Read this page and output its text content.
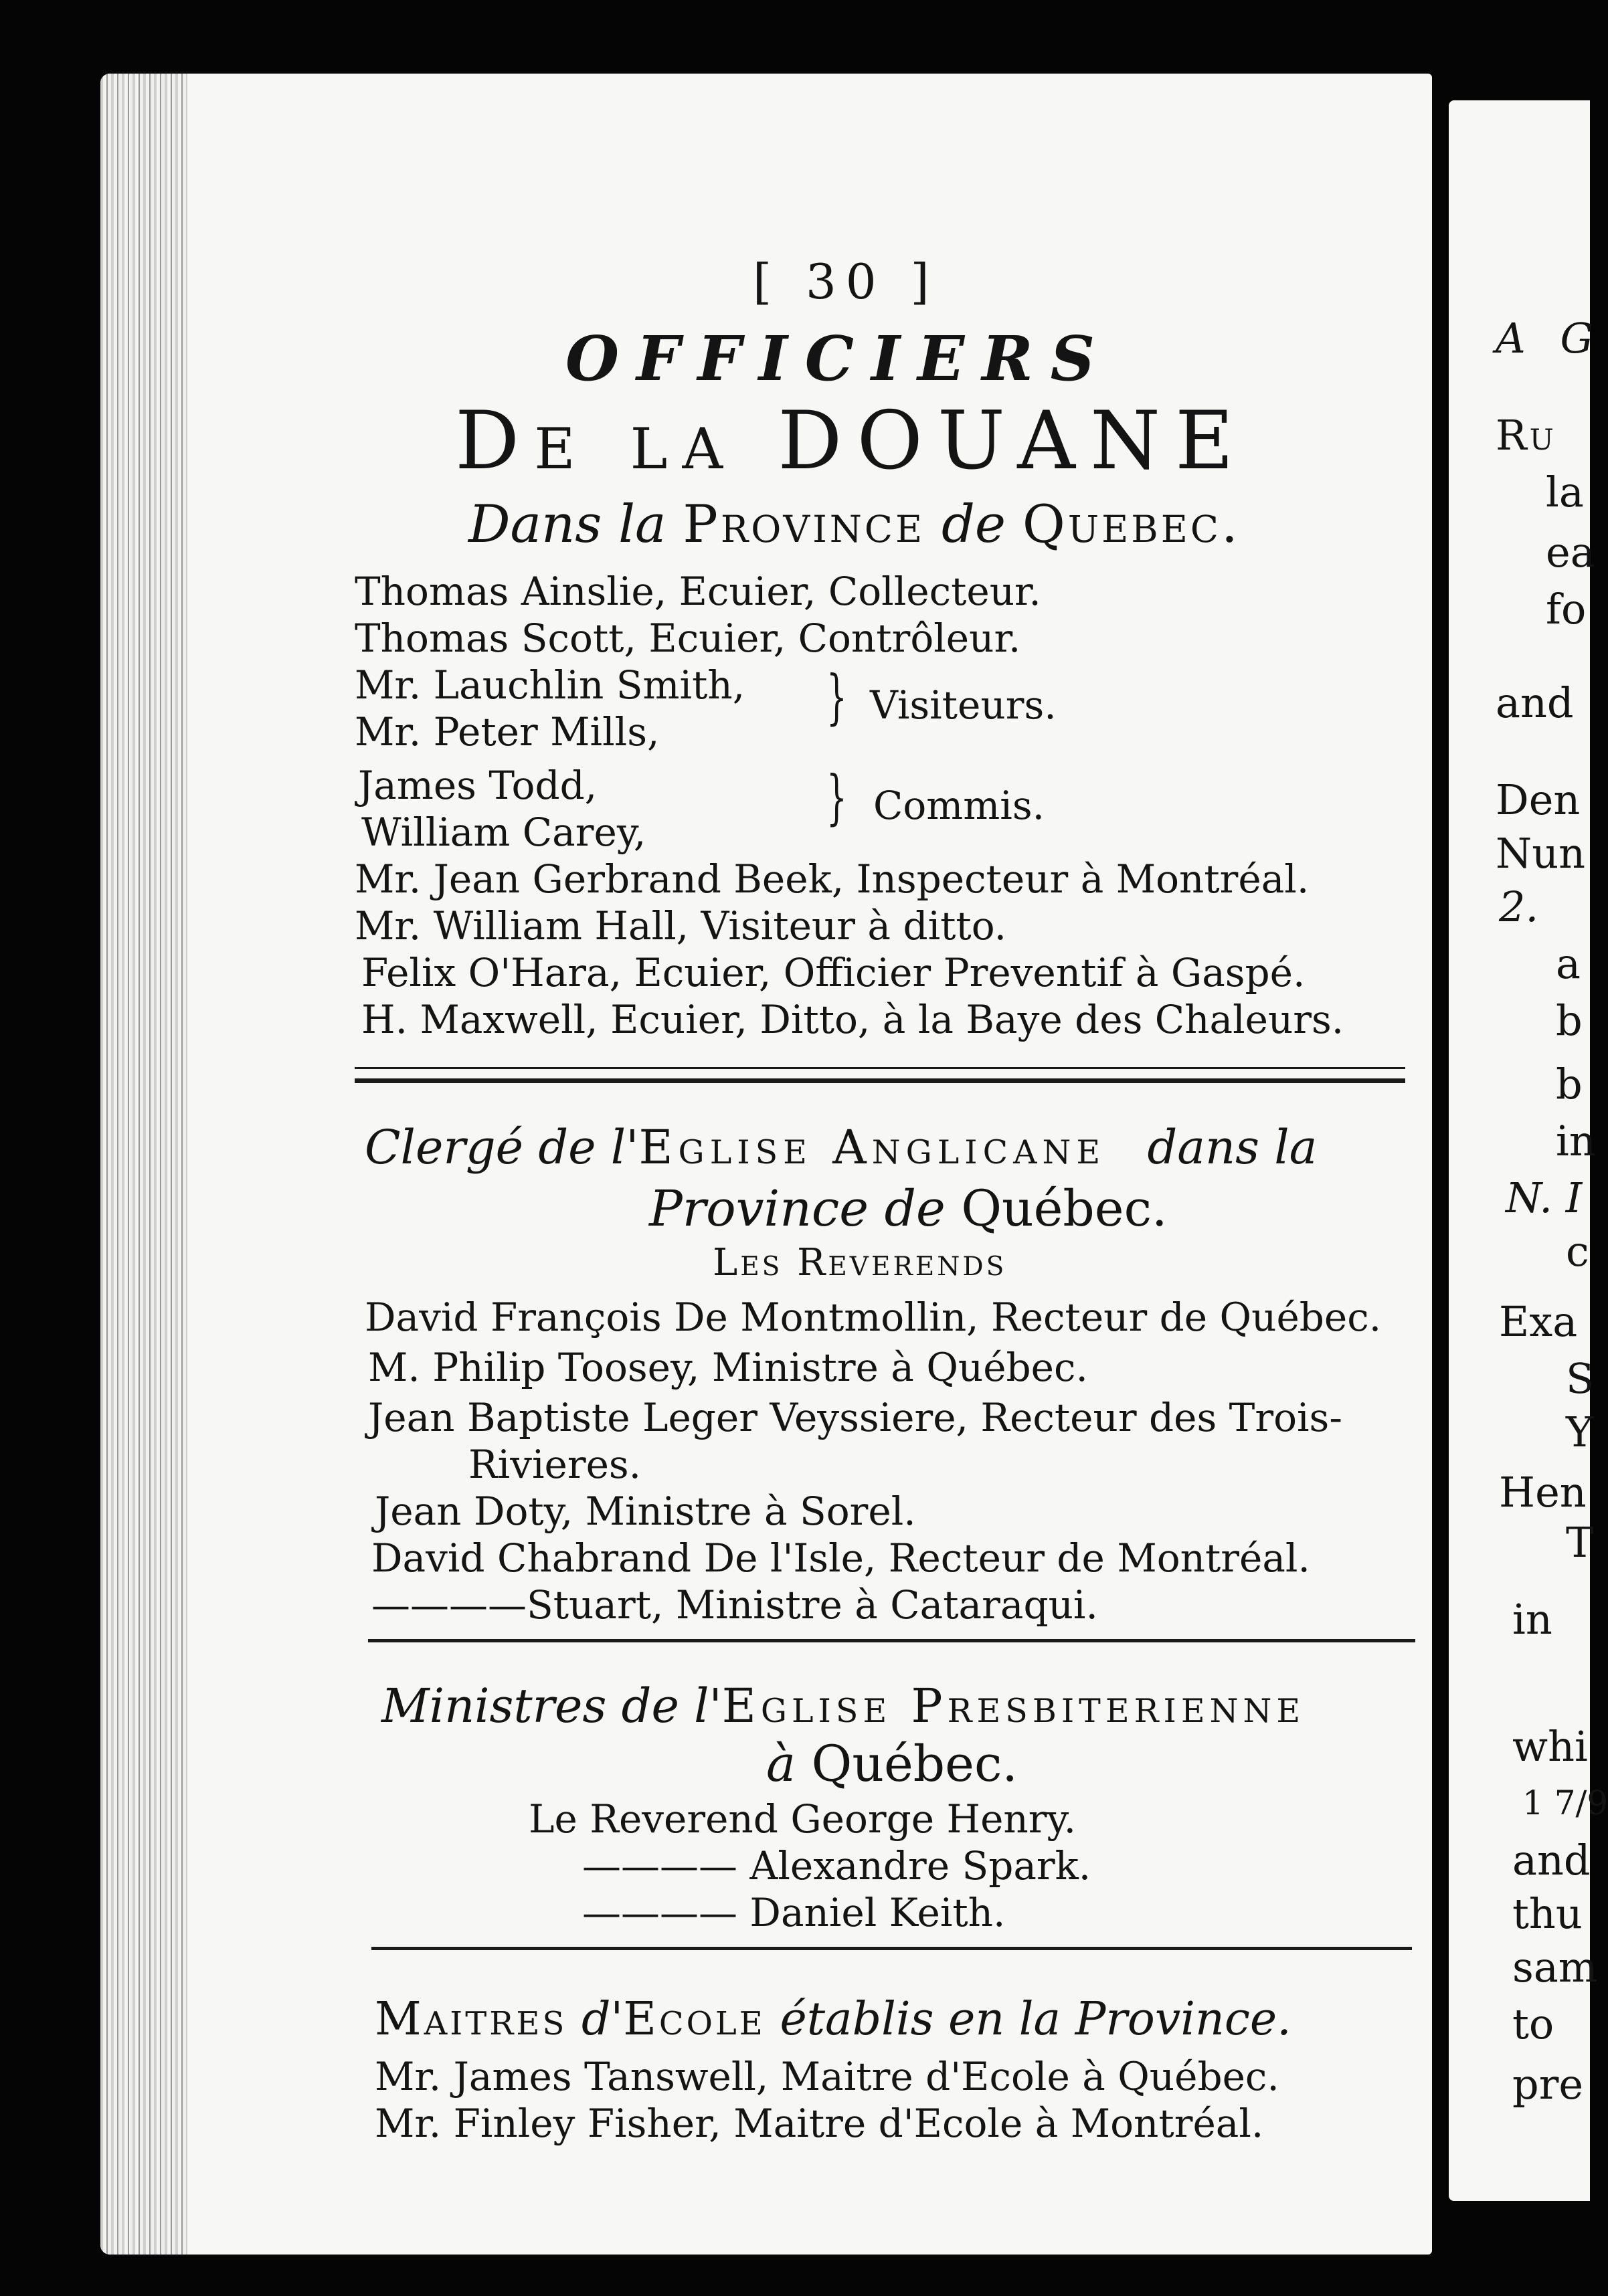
[ 30 ]
OFFICIERS
De la DOUANE
Dans la Province de Quebec.
Thomas Ainslie, Ecuier, Collecteur.
Thomas Scott, Ecuier, Contrôleur.
Mr. Lauchlin Smith,
Mr. Peter Mills,
James Todd,
William Carey,
}
}
Visiteurs.
Commis.
Mr. Jean Gerbrand Beek, Inspecteur à Montréal.
Mr. William Hall, Visiteur à ditto.
Felix O'Hara, Ecuier, Officier Preventif à Gaspé.
H. Maxwell, Ecuier, Ditto, à la Baye des Chaleurs.
Clergé de l'Eglise Anglicane dans la
Province de Québec.
Les Reverends
David François De Montmollin, Recteur de Québec.
M. Philip Toosey, Ministre à Québec.
Jean Baptiste Leger Veyssiere, Recteur des Trois-
Rivieres.
Jean Doty, Ministre à Sorel.
David Chabrand De l'Isle, Recteur de Montréal.
————Stuart, Ministre à Cataraqui.
Ministres de l'Eglise Presbiterienne
à Québec.
Le Reverend George Henry.
———— Alexandre Spark.
———— Daniel Keith.
Maitres d'Ecole établis en la Province.
Mr. James Tanswell, Maitre d'Ecole à Québec.
Mr. Finley Fisher, Maitre d'Ecole à Montréal.
A G
Ru
la
ea
fo
and
Den
Nun
2.
a
b
b
in
N. I
c
Exa
S
Y
Hen
T
in
whi
1 7/9
and
thu
sam
to
pre
